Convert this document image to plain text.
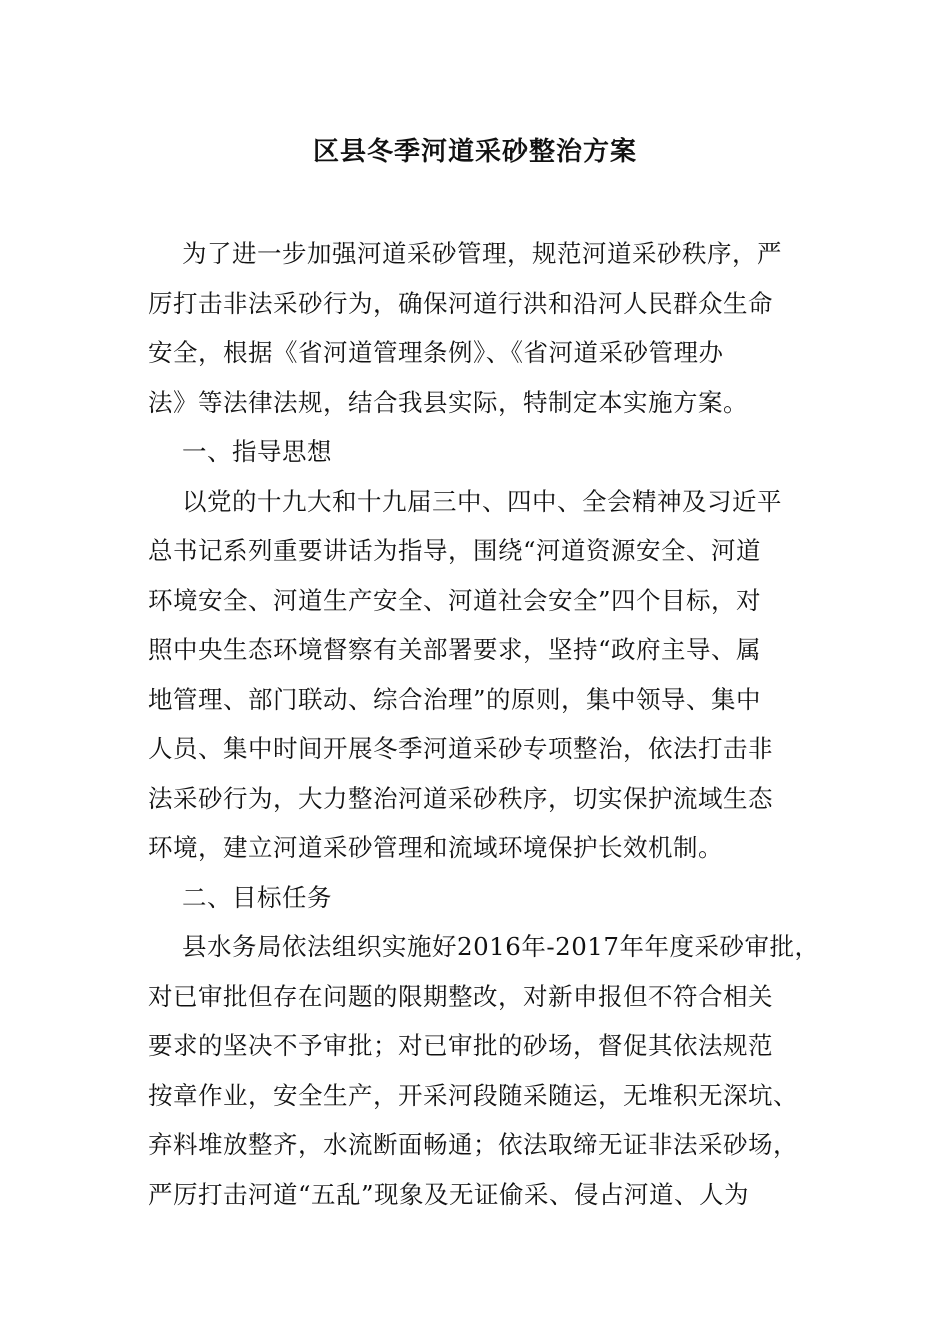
区县冬季河道采砂整治方案
为了进一步加强河道采砂管理，规范河道采砂秩序，严
厉打击非法采砂行为，确保河道行洪和沿河人民群众生命
安全，根据《省河道管理条例》、《省河道采砂管理办
法》等法律法规，结合我县实际，特制定本实施方案。
一、指导思想
以党的十九大和十九届三中、四中、全会精神及习近平
总书记系列重要讲话为指导，围绕“河道资源安全、河道
环境安全、河道生产安全、河道社会安全”四个目标，对
照中央生态环境督察有关部署要求，坚持“政府主导、属
地管理、部门联动、综合治理”的原则，集中领导、集中
人员、集中时间开展冬季河道采砂专项整治，依法打击非
法采砂行为，大力整治河道采砂秩序，切实保护流域生态
环境，建立河道采砂管理和流域环境保护长效机制。
二、目标任务
县水务局依法组织实施好2016年-2017年年度采砂审批，
对已审批但存在问题的限期整改，对新申报但不符合相关
要求的坚决不予审批；对已审批的砂场，督促其依法规范
按章作业，安全生产，开采河段随采随运，无堆积无深坑、
弃料堆放整齐，水流断面畅通；依法取缔无证非法采砂场，
严厉打击河道“五乱”现象及无证偷采、侵占河道、人为
